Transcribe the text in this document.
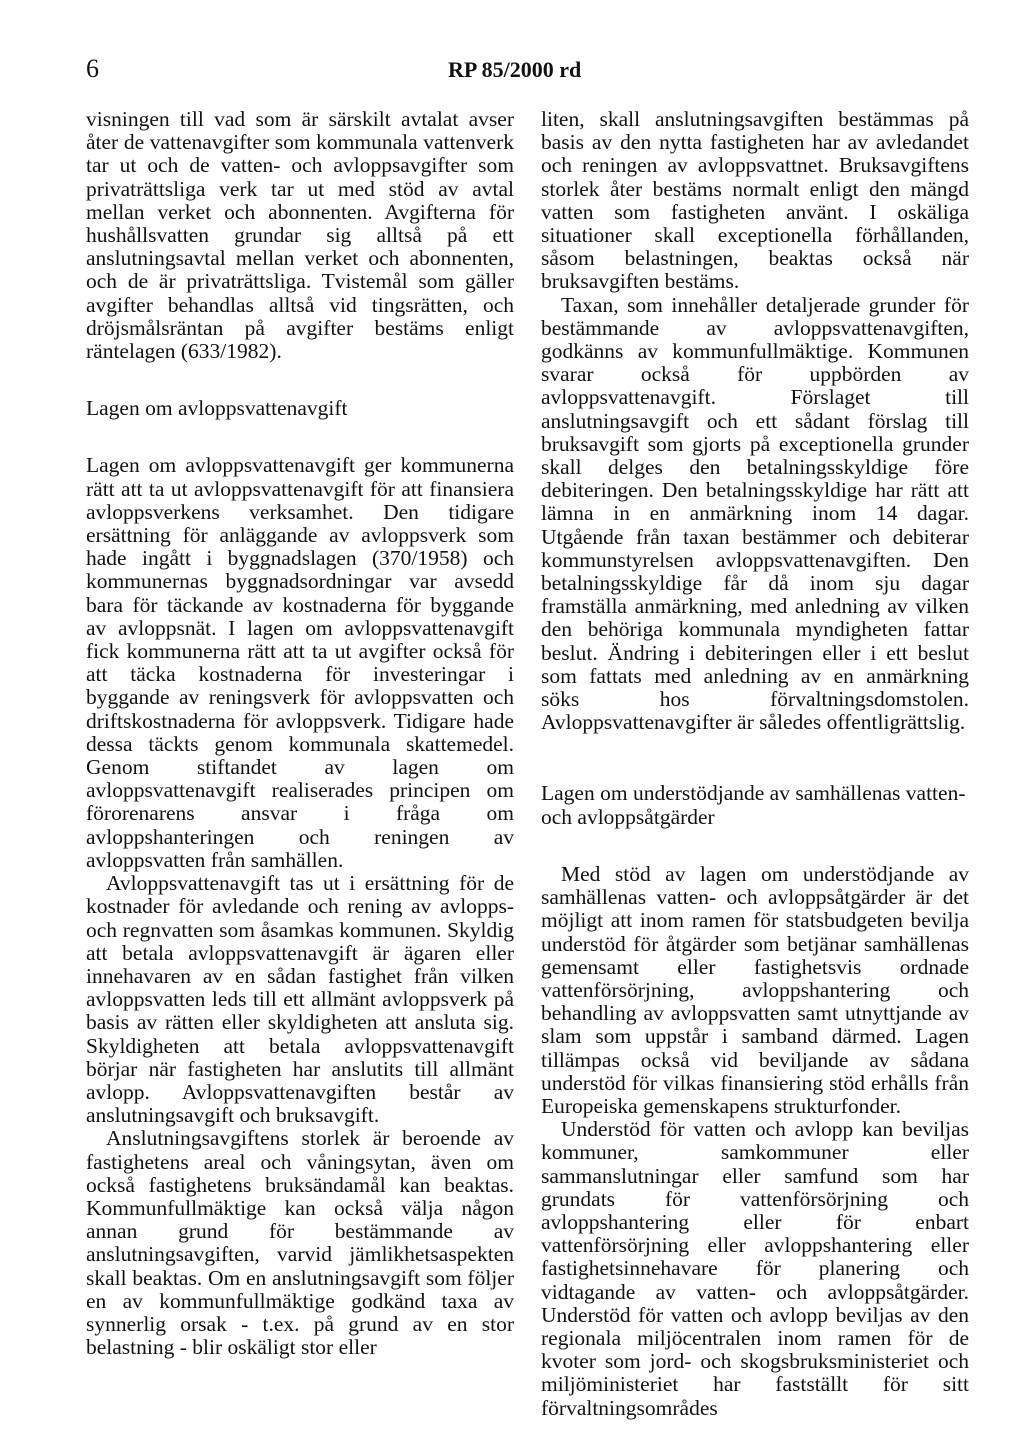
6	RP 85/2000 rd

visningen till vad som är särskilt avtalat avser åter de vattenavgifter som kommunala vattenverk tar ut och de vatten- och avloppsavgifter som privaträttsliga verk tar ut med stöd av avtal mellan verket och abonnenten. Avgifterna för hushållsvatten grundar sig alltså på ett anslutningsavtal mellan verket och abonnenten, och de är privaträttsliga. Tvistemål som gäller avgifter behandlas alltså vid tingsrätten, och dröjsmålsräntan på avgifter bestäms enligt räntelagen (633/1982).

Lagen om avloppsvattenavgift

Lagen om avloppsvattenavgift ger kommunerna rätt att ta ut avloppsvattenavgift för att finansiera avloppsverkens verksamhet. Den tidigare ersättning för anläggande av avloppsverk som hade ingått i byggnadslagen (370/1958) och kommunernas byggnadsordningar var avsedd bara för täckande av kostnaderna för byggande av avloppsnät. I lagen om avloppsvattenavgift fick kommunerna rätt att ta ut avgifter också för att täcka kostnaderna för investeringar i byggande av reningsverk för avloppsvatten och driftskostnaderna för avloppsverk. Tidigare hade dessa täckts genom kommunala skattemedel. Genom stiftandet av lagen om avloppsvattenavgift realiserades principen om förorenarens ansvar i fråga om avloppshanteringen och reningen av avloppsvatten från samhällen.

Avloppsvattenavgift tas ut i ersättning för de kostnader för avledande och rening av avlopps- och regnvatten som åsamkas kommunen. Skyldig att betala avloppsvattenavgift är ägaren eller innehavaren av en sådan fastighet från vilken avloppsvatten leds till ett allmänt avloppsverk på basis av rätten eller skyldigheten att ansluta sig. Skyldigheten att betala avloppsvattenavgift börjar när fastigheten har anslutits till allmänt avlopp. Avloppsvattenavgiften består av anslutningsavgift och bruksavgift.

Anslutningsavgiftens storlek är beroende av fastighetens areal och våningsytan, även om också fastighetens bruksändamål kan beaktas. Kommunfullmäktige kan också välja någon annan grund för bestämmande av anslutningsavgiften, varvid jämlikhetsaspekten skall beaktas. Om en anslutningsavgift som följer en av kommunfullmäktige godkänd taxa av synnerlig orsak - t.ex. på grund av en stor belastning - blir oskäligt stor eller

liten, skall anslutningsavgiften bestämmas på basis av den nytta fastigheten har av avledandet och reningen av avloppsvattnet. Bruksavgiftens storlek åter bestäms normalt enligt den mängd vatten som fastigheten använt. I oskäliga situationer skall exceptionella förhållanden, såsom belastningen, beaktas också när bruksavgiften bestäms.

Taxan, som innehåller detaljerade grunder för bestämmande av avloppsvattenavgiften, godkänns av kommunfullmäktige. Kommunen svarar också för uppbörden av avloppsvattenavgift. Förslaget till anslutningsavgift och ett sådant förslag till bruksavgift som gjorts på exceptionella grunder skall delges den betalningsskyldige före debiteringen. Den betalningsskyldige har rätt att lämna in en anmärkning inom 14 dagar. Utgående från taxan bestämmer och debiterar kommunstyrelsen avloppsvattenavgiften. Den betalningsskyldige får då inom sju dagar framställa anmärkning, med anledning av vilken den behöriga kommunala myndigheten fattar beslut. Ändring i debiteringen eller i ett beslut som fattats med anledning av en anmärkning söks hos förvaltningsdomstolen. Avloppsvattenavgifter är således offentligrättslig.

Lagen om understödjande av samhällenas vatten- och avloppsåtgärder

Med stöd av lagen om understödjande av samhällenas vatten- och avloppsåtgärder är det möjligt att inom ramen för statsbudgeten bevilja understöd för åtgärder som betjänar samhällenas gemensamt eller fastighetsvis ordnade vattenförsörjning, avloppshantering och behandling av avloppsvatten samt utnyttjande av slam som uppstår i samband därmed. Lagen tillämpas också vid beviljande av sådana understöd för vilkas finansiering stöd erhålls från Europeiska gemenskapens strukturfonder.

Understöd för vatten och avlopp kan beviljas kommuner, samkommuner eller sammanslutningar eller samfund som har grundats för vattenförsörjning och avloppshantering eller för enbart vattenförsörjning eller avloppshantering eller fastighetsinnehavare för planering och vidtagande av vatten- och avloppsåtgärder. Understöd för vatten och avlopp beviljas av den regionala miljöcentralen inom ramen för de kvoter som jord- och skogsbruksministeriet och miljöministeriet har fastställt för sitt förvaltningsområdes
